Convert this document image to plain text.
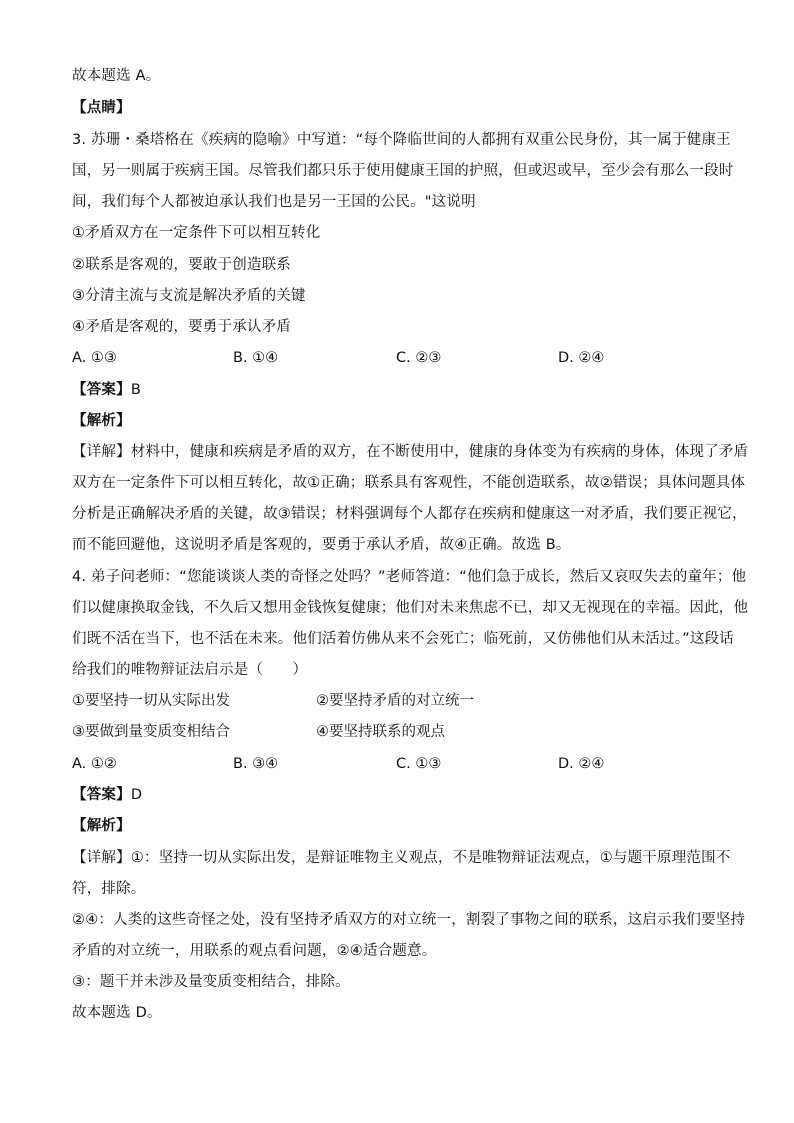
故本题选 A。
【点睛】
3. 苏珊・桑塔格在《疾病的隐喻》中写道：“每个降临世间的人都拥有双重公民身份，其一属于健康王
国，另一则属于疾病王国。尽管我们都只乐于使用健康王国的护照，但或迟或早，至少会有那么一段时
间，我们每个人都被迫承认我们也是另一王国的公民。"这说明
①矛盾双方在一定条件下可以相互转化
②联系是客观的，要敢于创造联系
③分清主流与支流是解决矛盾的关键
④矛盾是客观的，要勇于承认矛盾
A. ①③	B. ①④	C. ②③	D. ②④
【答案】B
【解析】
【详解】材料中，健康和疾病是矛盾的双方，在不断使用中，健康的身体变为有疾病的身体，体现了矛盾
双方在一定条件下可以相互转化，故①正确；联系具有客观性，不能创造联系，故②错误；具体问题具体
分析是正确解决矛盾的关键，故③错误；材料强调每个人都存在疾病和健康这一对矛盾，我们要正视它，
而不能回避他，这说明矛盾是客观的，要勇于承认矛盾，故④正确。故选 B。
4. 弟子问老师：“您能谈谈人类的奇怪之处吗？”老师答道：“他们急于成长，然后又哀叹失去的童年；他
们以健康换取金钱，不久后又想用金钱恢复健康；他们对未来焦虑不已，却又无视现在的幸福。因此，他
们既不活在当下，也不活在未来。他们活着仿佛从来不会死亡；临死前，又仿佛他们从未活过。”这段话
给我们的唯物辩证法启示是（　　）
①要坚持一切从实际出发	②要坚持矛盾的对立统一
③要做到量变质变相结合	④要坚持联系的观点
A. ①②	B. ③④	C. ①③	D. ②④
【答案】D
【解析】
【详解】①：坚持一切从实际出发，是辩证唯物主义观点，不是唯物辩证法观点，①与题干原理范围不
符，排除。
②④：人类的这些奇怪之处，没有坚持矛盾双方的对立统一，割裂了事物之间的联系，这启示我们要坚持
矛盾的对立统一，用联系的观点看问题，②④适合题意。
③：题干并未涉及量变质变相结合，排除。
故本题选 D。
